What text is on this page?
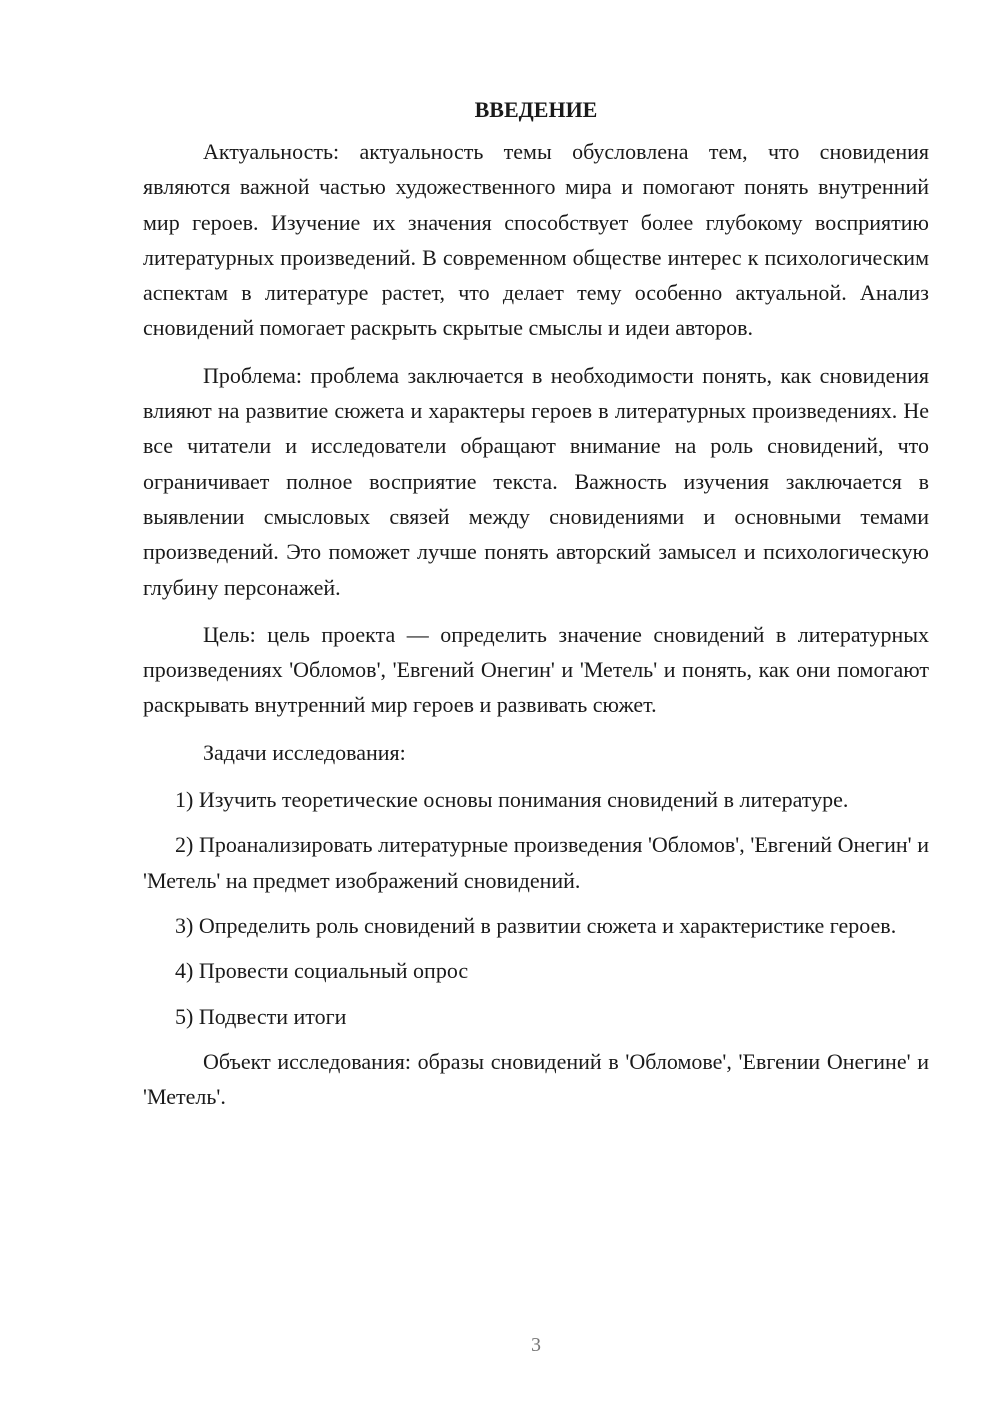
ВВЕДЕНИЕ

Актуальность: актуальность темы обусловлена тем, что сновидения являются важной частью художественного мира и помогают понять внутренний мир героев. Изучение их значения способствует более глубокому восприятию литературных произведений. В современном обществе интерес к психологическим аспектам в литературе растет, что делает тему особенно актуальной. Анализ сновидений помогает раскрыть скрытые смыслы и идеи авторов.

Проблема: проблема заключается в необходимости понять, как сновидения влияют на развитие сюжета и характеры героев в литературных произведениях. Не все читатели и исследователи обращают внимание на роль сновидений, что ограничивает полное восприятие текста. Важность изучения заключается в выявлении смысловых связей между сновидениями и основными темами произведений. Это поможет лучше понять авторский замысел и психологическую глубину персонажей.

Цель: цель проекта — определить значение сновидений в литературных произведениях 'Обломов', 'Евгений Онегин' и 'Метель' и понять, как они помогают раскрывать внутренний мир героев и развивать сюжет.

Задачи исследования:

1) Изучить теоретические основы понимания сновидений в литературе.

2) Проанализировать литературные произведения 'Обломов', 'Евгений Онегин' и 'Метель' на предмет изображений сновидений.

3) Определить роль сновидений в развитии сюжета и характеристике героев.

4) Провести социальный опрос

5) Подвести итоги

Объект исследования: образы сновидений в 'Обломове', 'Евгении Онегине' и 'Метель'.

3
